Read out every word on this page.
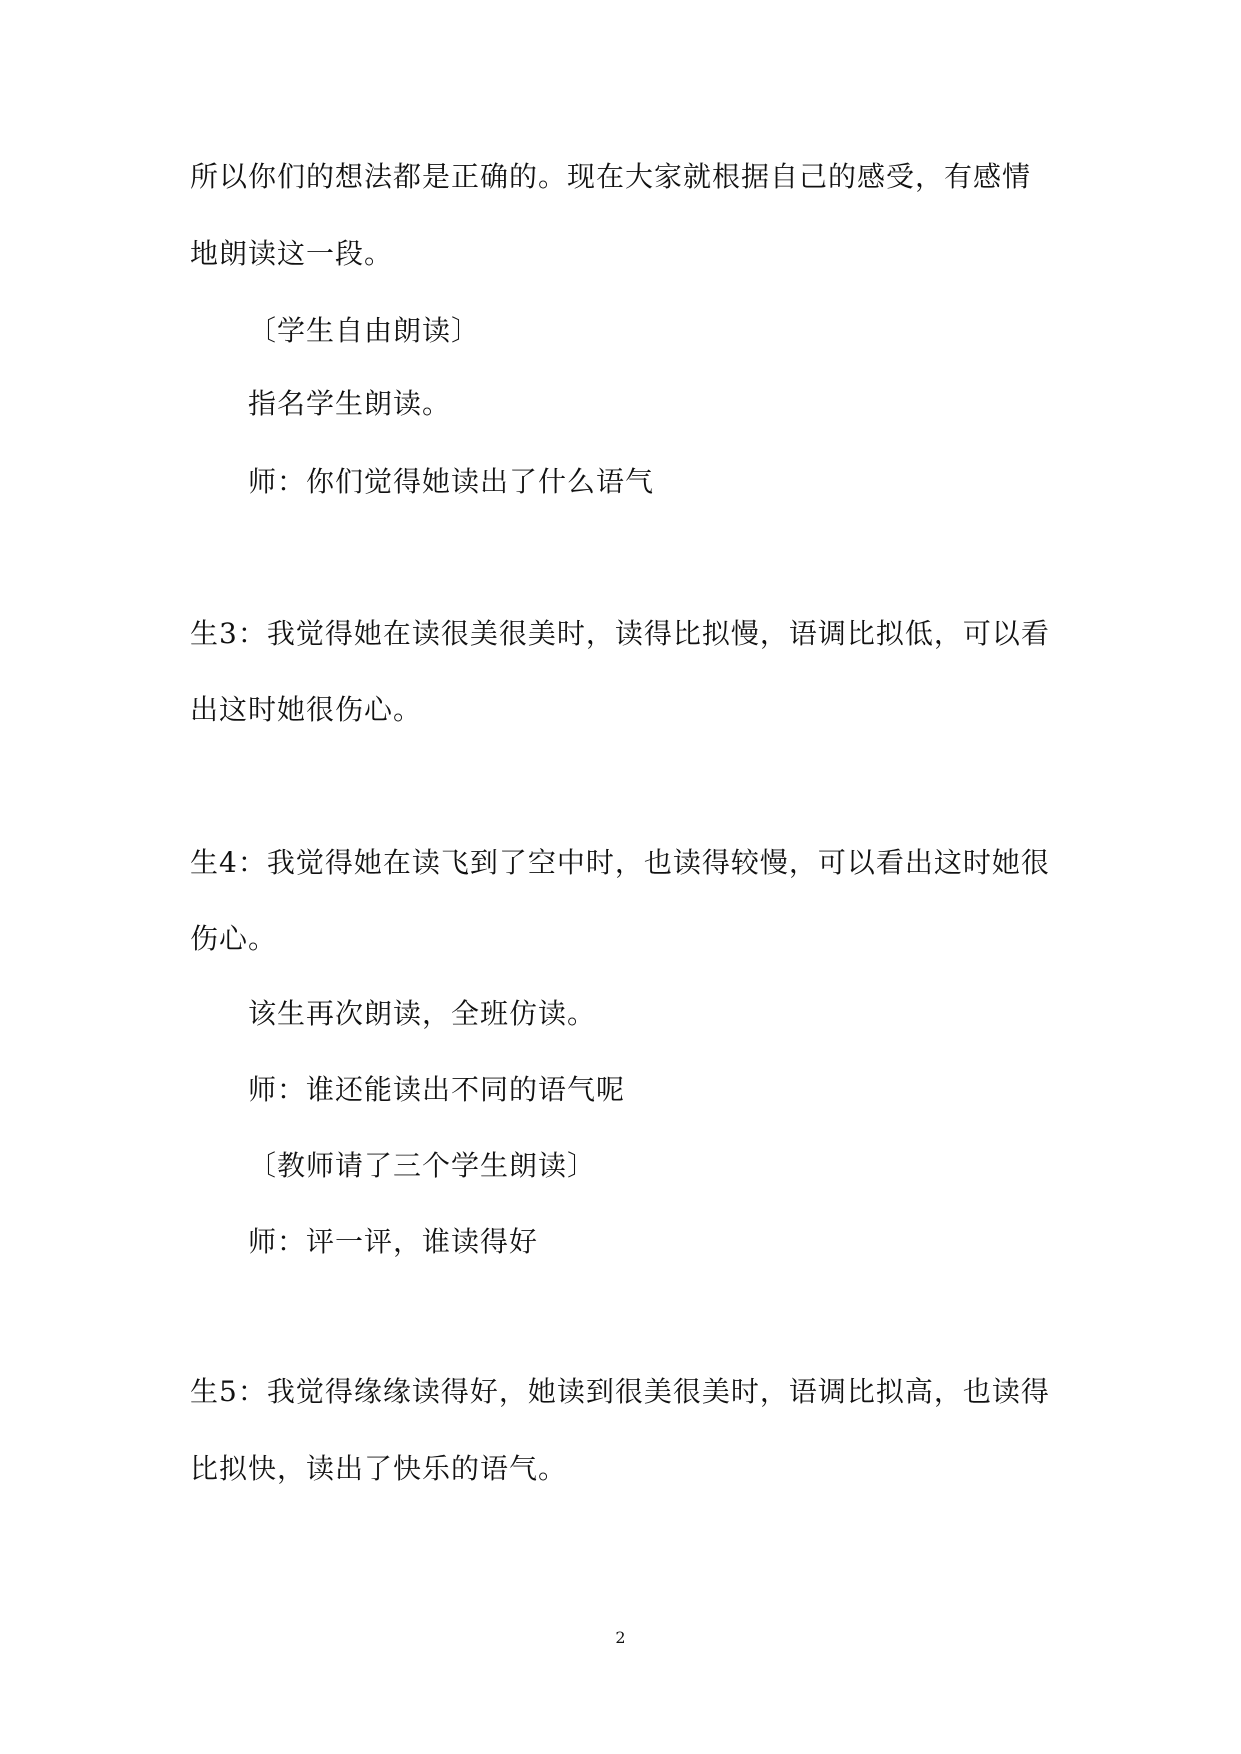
所以你们的想法都是正确的。现在大家就根据自己的感受，有感情
地朗读这一段。
〔学生自由朗读〕
指名学生朗读。
师：你们觉得她读出了什么语气
生3：我觉得她在读很美很美时，读得比拟慢，语调比拟低，可以看
出这时她很伤心。
生4：我觉得她在读飞到了空中时，也读得较慢，可以看出这时她很
伤心。
该生再次朗读，全班仿读。
师：谁还能读出不同的语气呢
〔教师请了三个学生朗读〕
师：评一评，谁读得好
生5：我觉得缘缘读得好，她读到很美很美时，语调比拟高，也读得
比拟快，读出了快乐的语气。
2
